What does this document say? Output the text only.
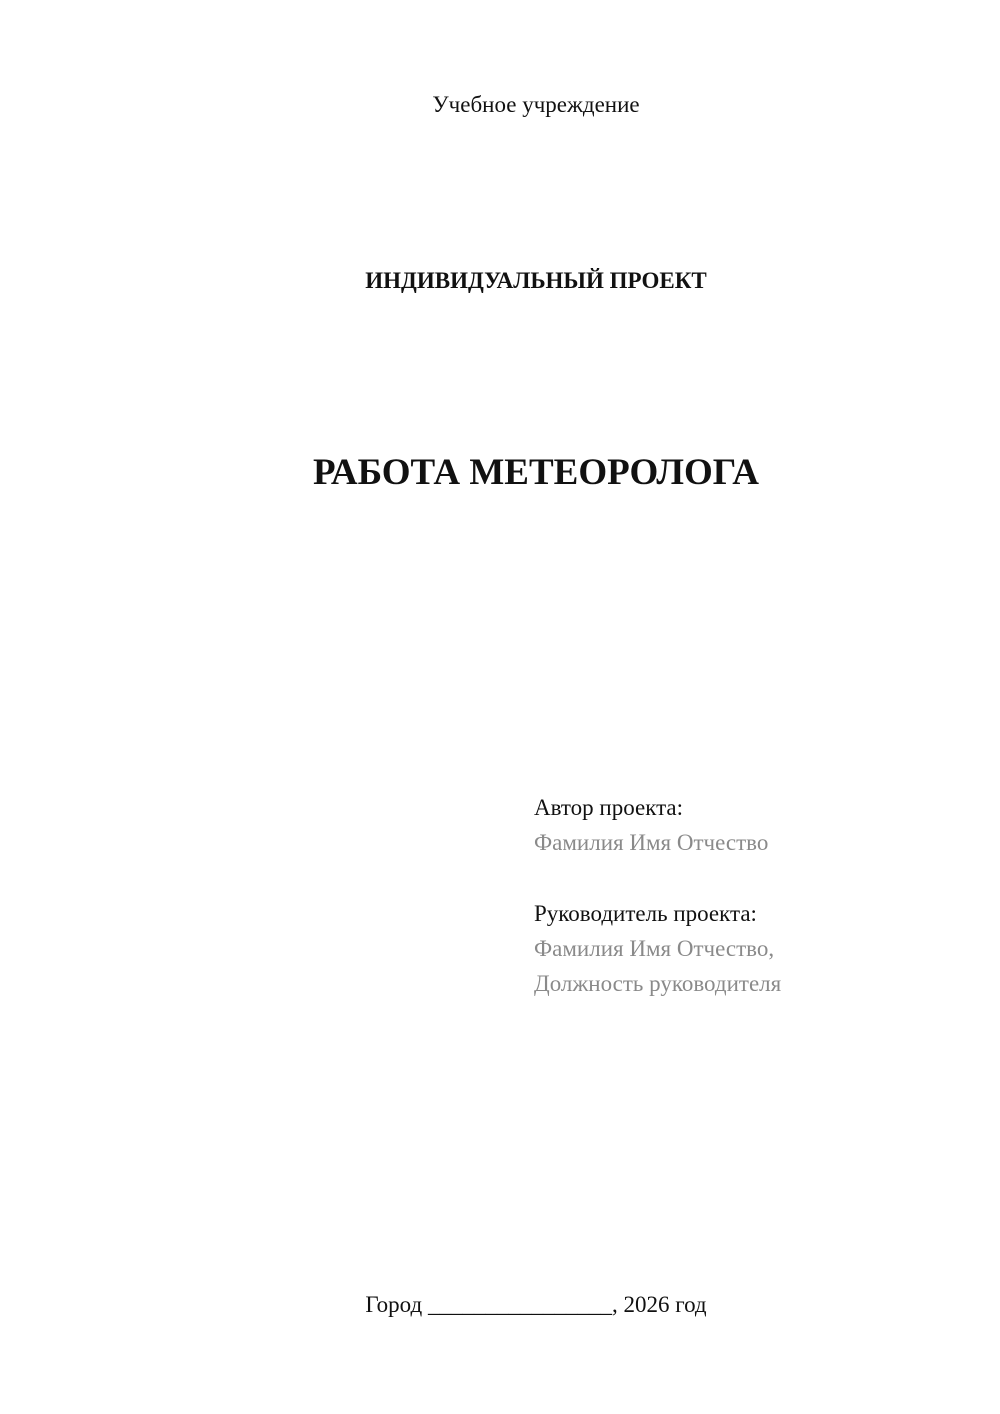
Учебное учреждение
ИНДИВИДУАЛЬНЫЙ ПРОЕКТ
РАБОТА МЕТЕОРОЛОГА
Автор проекта:
Фамилия Имя Отчество
Руководитель проекта:
Фамилия Имя Отчество,
Должность руководителя
Город ________________, 2026 год
